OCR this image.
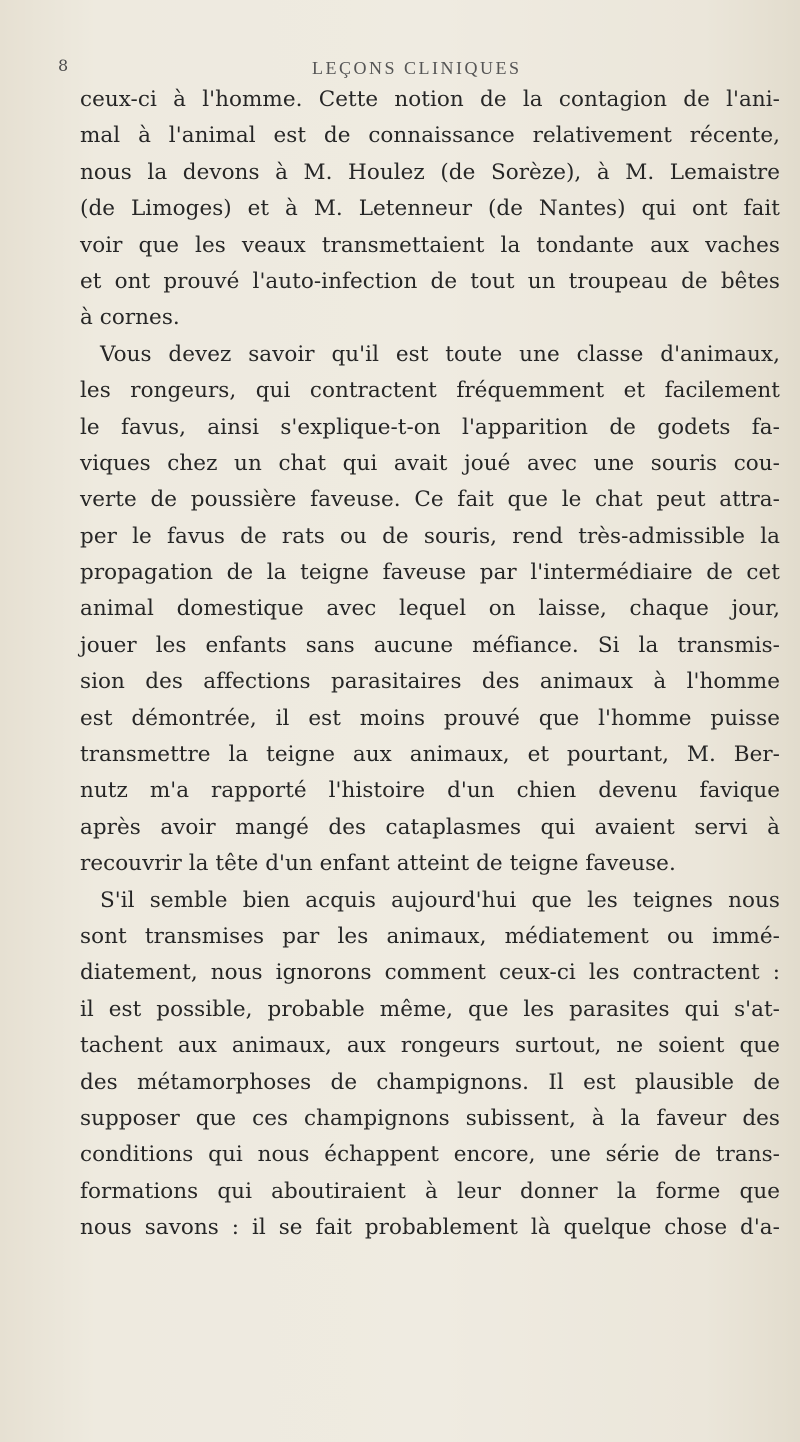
8	LEÇONS CLINIQUES
ceux-ci à l'homme. Cette notion de la contagion de l'ani-
mal à l'animal est de connaissance relativement récente,
nous la devons à M. Houlez (de Sorèze), à M. Lemaistre
(de Limoges) et à M. Letenneur (de Nantes) qui ont fait
voir que les veaux transmettaient la tondante aux vaches
et ont prouvé l'auto-infection de tout un troupeau de bêtes
à cornes.
Vous devez savoir qu'il est toute une classe d'animaux,
les rongeurs, qui contractent fréquemment et facilement
le favus, ainsi s'explique-t-on l'apparition de godets fa-
viques chez un chat qui avait joué avec une souris cou-
verte de poussière faveuse. Ce fait que le chat peut attra-
per le favus de rats ou de souris, rend très-admissible la
propagation de la teigne faveuse par l'intermédiaire de cet
animal domestique avec lequel on laisse, chaque jour,
jouer les enfants sans aucune méfiance. Si la transmis-
sion des affections parasitaires des animaux à l'homme
est démontrée, il est moins prouvé que l'homme puisse
transmettre la teigne aux animaux, et pourtant, M. Ber-
nutz m'a rapporté l'histoire d'un chien devenu favique
après avoir mangé des cataplasmes qui avaient servi à
recouvrir la tête d'un enfant atteint de teigne faveuse.
S'il semble bien acquis aujourd'hui que les teignes nous
sont transmises par les animaux, médiatement ou immé-
diatement, nous ignorons comment ceux-ci les contractent :
il est possible, probable même, que les parasites qui s'at-
tachent aux animaux, aux rongeurs surtout, ne soient que
des métamorphoses de champignons. Il est plausible de
supposer que ces champignons subissent, à la faveur des
conditions qui nous échappent encore, une série de trans-
formations qui aboutiraient à leur donner la forme que
nous savons : il se fait probablement là quelque chose d'a-
